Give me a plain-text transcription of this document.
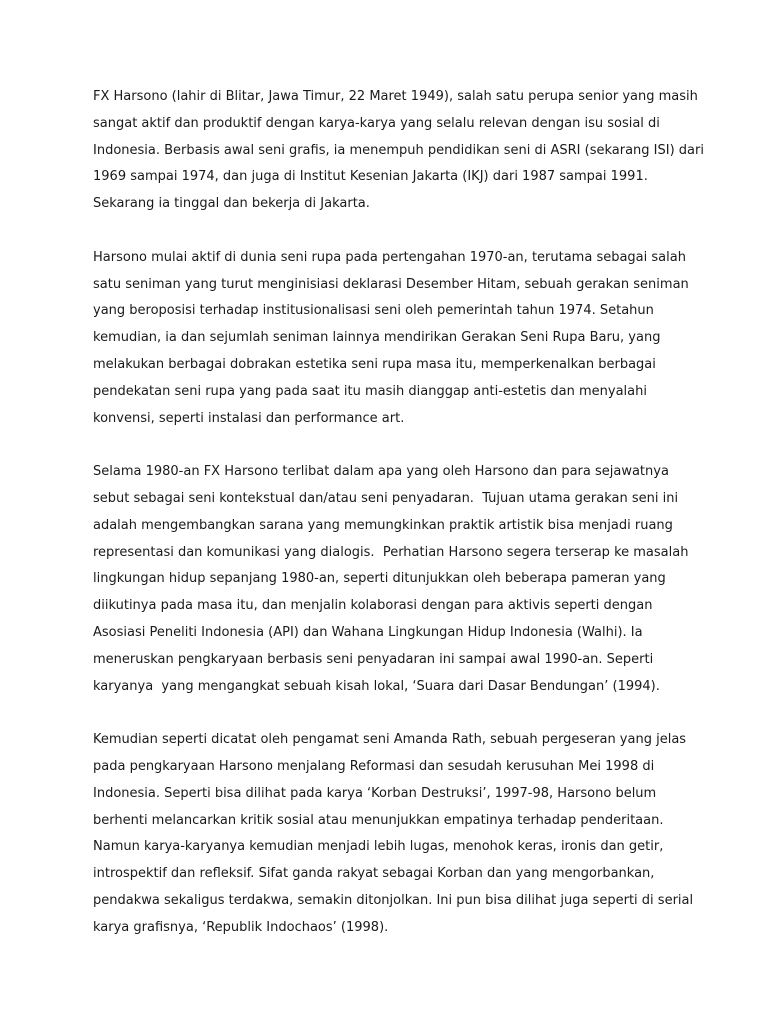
FX Harsono (lahir di Blitar, Jawa Timur, 22 Maret 1949), salah satu perupa senior yang masih
sangat aktif dan produktif dengan karya-karya yang selalu relevan dengan isu sosial di
Indonesia. Berbasis awal seni grafis, ia menempuh pendidikan seni di ASRI (sekarang ISI) dari
1969 sampai 1974, dan juga di Institut Kesenian Jakarta (IKJ) dari 1987 sampai 1991.
Sekarang ia tinggal dan bekerja di Jakarta.

Harsono mulai aktif di dunia seni rupa pada pertengahan 1970-an, terutama sebagai salah
satu seniman yang turut menginisiasi deklarasi Desember Hitam, sebuah gerakan seniman
yang beroposisi terhadap institusionalisasi seni oleh pemerintah tahun 1974. Setahun
kemudian, ia dan sejumlah seniman lainnya mendirikan Gerakan Seni Rupa Baru, yang
melakukan berbagai dobrakan estetika seni rupa masa itu, memperkenalkan berbagai
pendekatan seni rupa yang pada saat itu masih dianggap anti-estetis dan menyalahi
konvensi, seperti instalasi dan performance art.

Selama 1980-an FX Harsono terlibat dalam apa yang oleh Harsono dan para sejawatnya
sebut sebagai seni kontekstual dan/atau seni penyadaran.  Tujuan utama gerakan seni ini
adalah mengembangkan sarana yang memungkinkan praktik artistik bisa menjadi ruang
representasi dan komunikasi yang dialogis.  Perhatian Harsono segera terserap ke masalah
lingkungan hidup sepanjang 1980-an, seperti ditunjukkan oleh beberapa pameran yang
diikutinya pada masa itu, dan menjalin kolaborasi dengan para aktivis seperti dengan
Asosiasi Peneliti Indonesia (API) dan Wahana Lingkungan Hidup Indonesia (Walhi). Ia
meneruskan pengkaryaan berbasis seni penyadaran ini sampai awal 1990-an. Seperti
karyanya  yang mengangkat sebuah kisah lokal, ‘Suara dari Dasar Bendungan’ (1994).

Kemudian seperti dicatat oleh pengamat seni Amanda Rath, sebuah pergeseran yang jelas
pada pengkaryaan Harsono menjalang Reformasi dan sesudah kerusuhan Mei 1998 di
Indonesia. Seperti bisa dilihat pada karya ‘Korban Destruksi’, 1997-98, Harsono belum
berhenti melancarkan kritik sosial atau menunjukkan empatinya terhadap penderitaan.
Namun karya-karyanya kemudian menjadi lebih lugas, menohok keras, ironis dan getir,
introspektif dan refleksif. Sifat ganda rakyat sebagai Korban dan yang mengorbankan,
pendakwa sekaligus terdakwa, semakin ditonjolkan. Ini pun bisa dilihat juga seperti di serial
karya grafisnya, ‘Republik Indochaos’ (1998).
